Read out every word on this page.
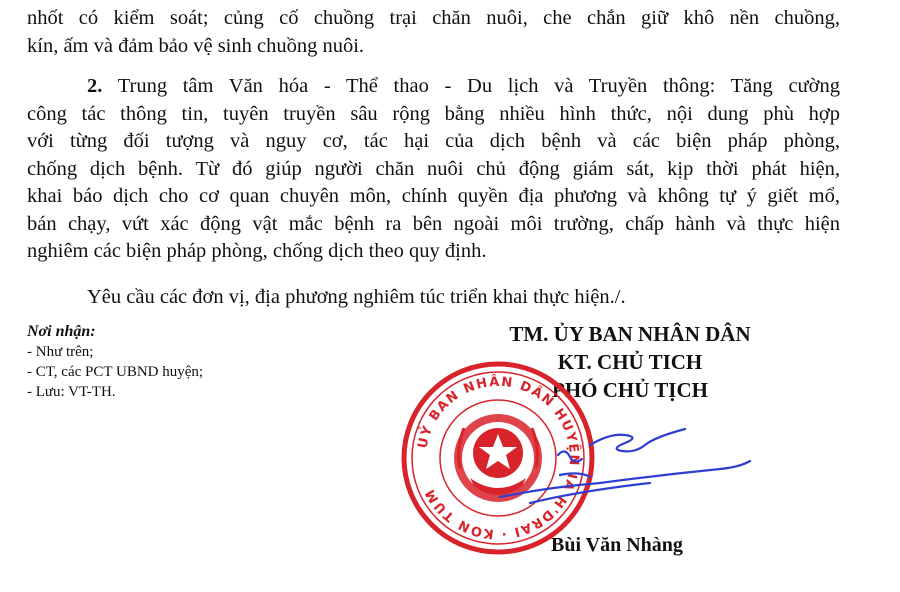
nhốt có kiểm soát; củng cố chuồng trại chăn nuôi, che chắn giữ khô nền chuồng,
kín, ấm và đảm bảo vệ sinh chuồng nuôi.

2. Trung tâm Văn hóa - Thể thao - Du lịch và Truyền thông: Tăng cường
công tác thông tin, tuyên truyền sâu rộng bằng nhiều hình thức, nội dung phù hợp
với từng đối tượng và nguy cơ, tác hại của dịch bệnh và các biện pháp phòng,
chống dịch bệnh. Từ đó giúp người chăn nuôi chủ động giám sát, kịp thời phát hiện,
khai báo dịch cho cơ quan chuyên môn, chính quyền địa phương và không tự ý giết mổ,
bán chạy, vứt xác động vật mắc bệnh ra bên ngoài môi trường, chấp hành và thực hiện
nghiêm các biện pháp phòng, chống dịch theo quy định.

Yêu cầu các đơn vị, địa phương nghiêm túc triển khai thực hiện./.

Nơi nhận:
- Như trên;
- CT, các PCT UBND huyện;
- Lưu: VT-TH.
TM. ỦY BAN NHÂN DÂN
KT. CHỦ TICH
PHÓ CHỦ TỊCH
UỶ BAN NHÂN DÂN HUYỆN IA H'DRAI · KON TUM
Bùi Văn Nhàng
